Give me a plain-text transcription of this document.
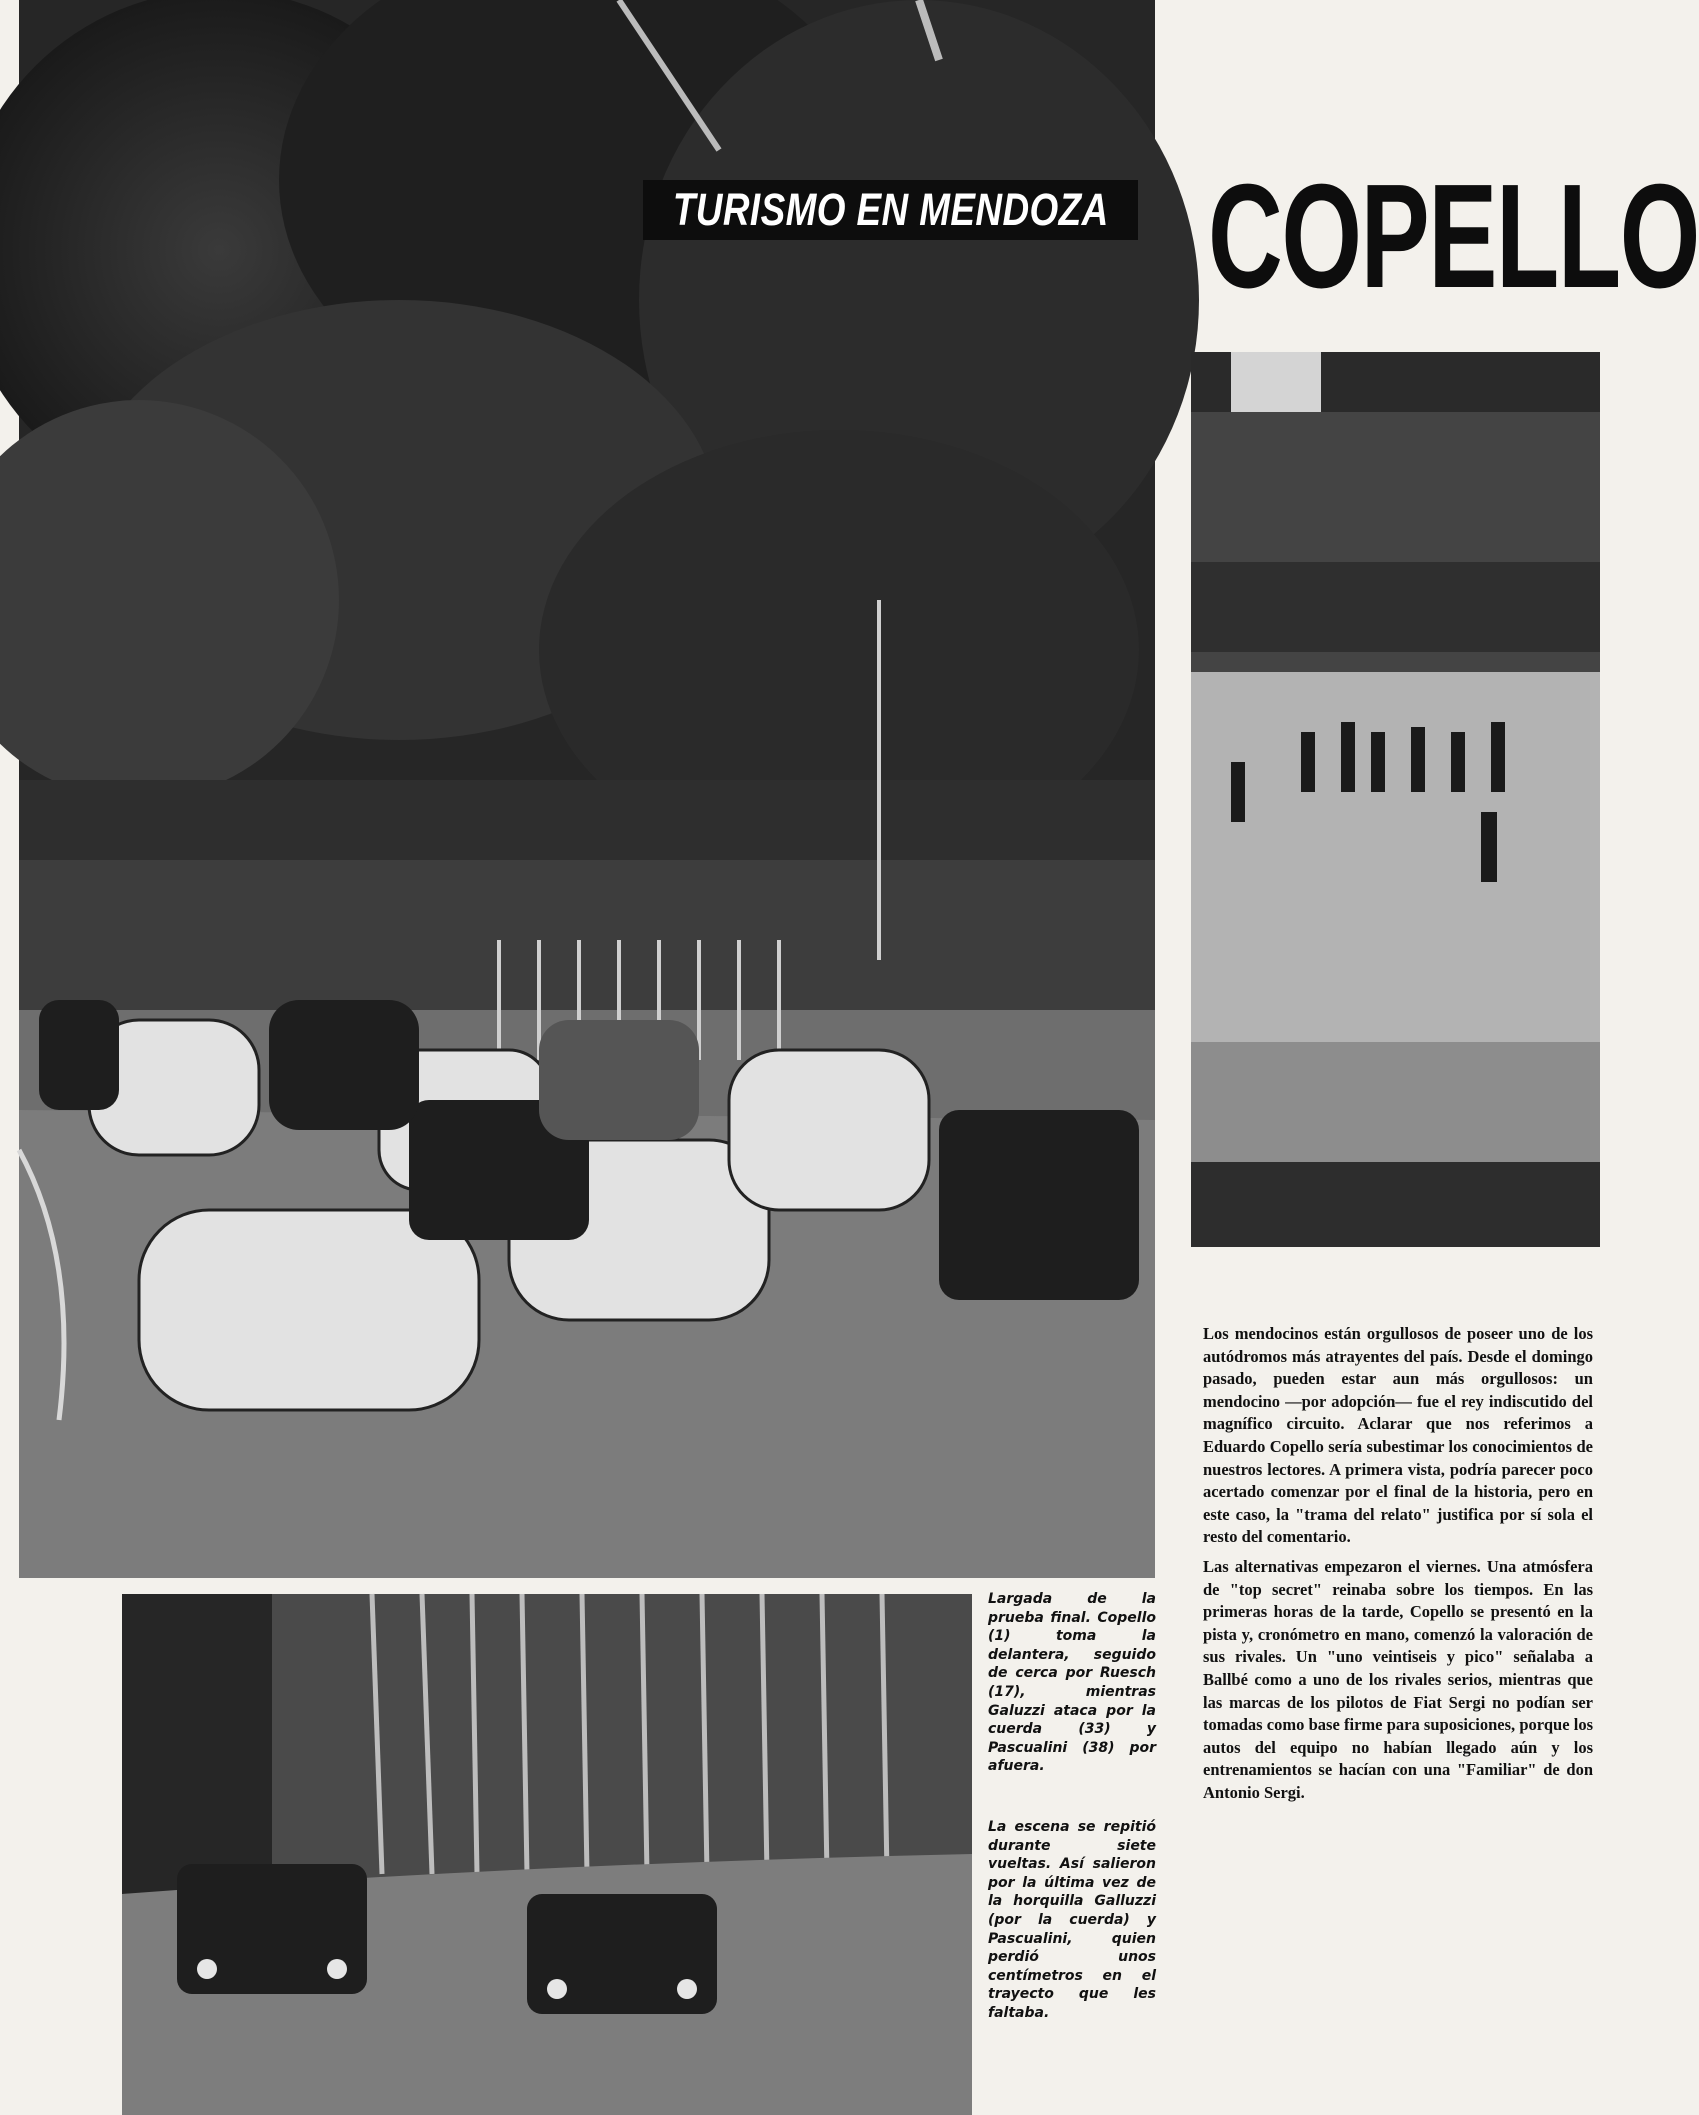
TURISMO EN MENDOZA COPELLO
Largada de la prueba final. Copello (1) toma la delantera, seguido de cerca por Ruesch (17), mientras Galuzzi ataca por la cuerda (33) y Pascualini (38) por afuera.
La escena se repitió durante siete vueltas. Así salieron por la última vez de la horquilla Galluzzi (por la cuerda) y Pascualini, quien perdió unos centímetros en el trayecto que les faltaba.

Los mendocinos están orgullosos de poseer uno de los autódromos más atrayentes del país. Desde el domingo pasado, pueden estar aun más orgullosos: un mendocino —por adopción— fue el rey indiscutido del magnífico circuito. Aclarar que nos referimos a Eduardo Copello sería subestimar los conocimientos de nuestros lectores. A primera vista, podría parecer poco acertado comenzar por el final de la historia, pero en este caso, la "trama del relato" justifica por sí sola el resto del comentario.

Las alternativas empezaron el viernes. Una atmósfera de "top secret" reinaba sobre los tiempos. En las primeras horas de la tarde, Copello se presentó en la pista y, cronómetro en mano, comenzó la valoración de sus rivales. Un "uno veintiseis y pico" señalaba a Ballbé como a uno de los rivales serios, mientras que las marcas de los pilotos de Fiat Sergi no podían ser tomadas como base firme para suposiciones, porque los autos del equipo no habían llegado aún y los entrenamientos se hacían con una "Familiar" de don Antonio Sergi.
